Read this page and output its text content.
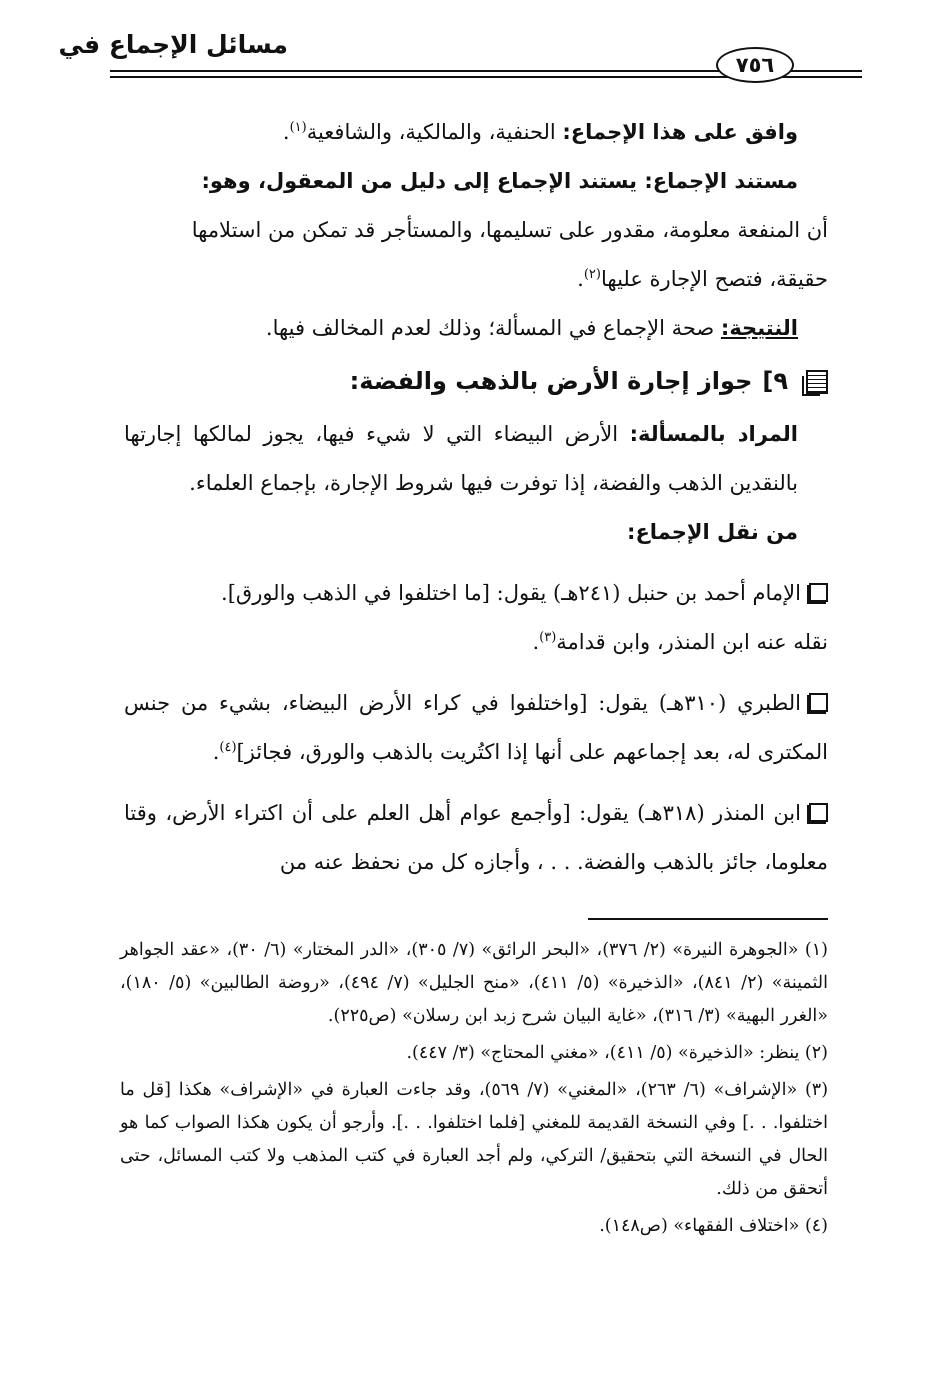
مسائل الإجماع في
٧٥٦

وافق على هذا الإجماع: الحنفية، والمالكية، والشافعية$^{(١)}$.

مستند الإجماع: يستند الإجماع إلى دليل من المعقول، وهو:

أن المنفعة معلومة، مقدور على تسليمها، والمستأجر قد تمكن من استلامها
حقيقة، فتصح الإجارة عليها$^{(٢)}$.

النتيجة: صحة الإجماع في المسألة؛ وذلك لعدم المخالف فيها.

٩]
جواز إجارة الأرض بالذهب والفضة:

المراد بالمسألة: الأرض البيضاء التي لا شيء فيها، يجوز لمالكها إجارتها بالنقدين الذهب والفضة، إذا توفرت فيها شروط الإجارة، بإجماع العلماء.

من نقل الإجماع:

الإمام أحمد بن حنبل (٢٤١هـ) يقول: [ما اختلفوا في الذهب والورق].
نقله عنه ابن المنذر، وابن قدامة$^{(٣)}$.

الطبري (٣١٠هـ) يقول: [واختلفوا في كراء الأرض البيضاء، بشيء من جنس المكترى له، بعد إجماعهم على أنها إذا اكتُريت بالذهب والورق، فجائز]$^{(٤)}$.

ابن المنذر (٣١٨هـ) يقول: [وأجمع عوام أهل العلم على أن اكتراء الأرض، وقتا معلوما، جائز بالذهب والفضة. . . ، وأجازه كل من نحفظ عنه من

(١) «الجوهرة النيرة» (٢/ ٣٧٦)، «البحر الرائق» (٧/ ٣٠٥)، «الدر المختار» (٦/ ٣٠)، «عقد الجواهر الثمينة» (٢/ ٨٤١)، «الذخيرة» (٥/ ٤١١)، «منح الجليل» (٧/ ٤٩٤)، «روضة الطالبين» (٥/ ١٨٠)، «الغرر البهية» (٣/ ٣١٦)، «غاية البيان شرح زبد ابن رسلان» (ص٢٢٥).

(٢) ينظر: «الذخيرة» (٥/ ٤١١)، «مغني المحتاج» (٣/ ٤٤٧).

(٣) «الإشراف» (٦/ ٢٦٣)، «المغني» (٧/ ٥٦٩)، وقد جاءت العبارة في «الإشراف» هكذا [قل ما اختلفوا. . .] وفي النسخة القديمة للمغني [فلما اختلفوا. . .]. وأرجو أن يكون هكذا الصواب كما هو الحال في النسخة التي بتحقيق/ التركي، ولم أجد العبارة في كتب المذهب ولا كتب المسائل، حتى أتحقق من ذلك.

(٤) «اختلاف الفقهاء» (ص١٤٨).
